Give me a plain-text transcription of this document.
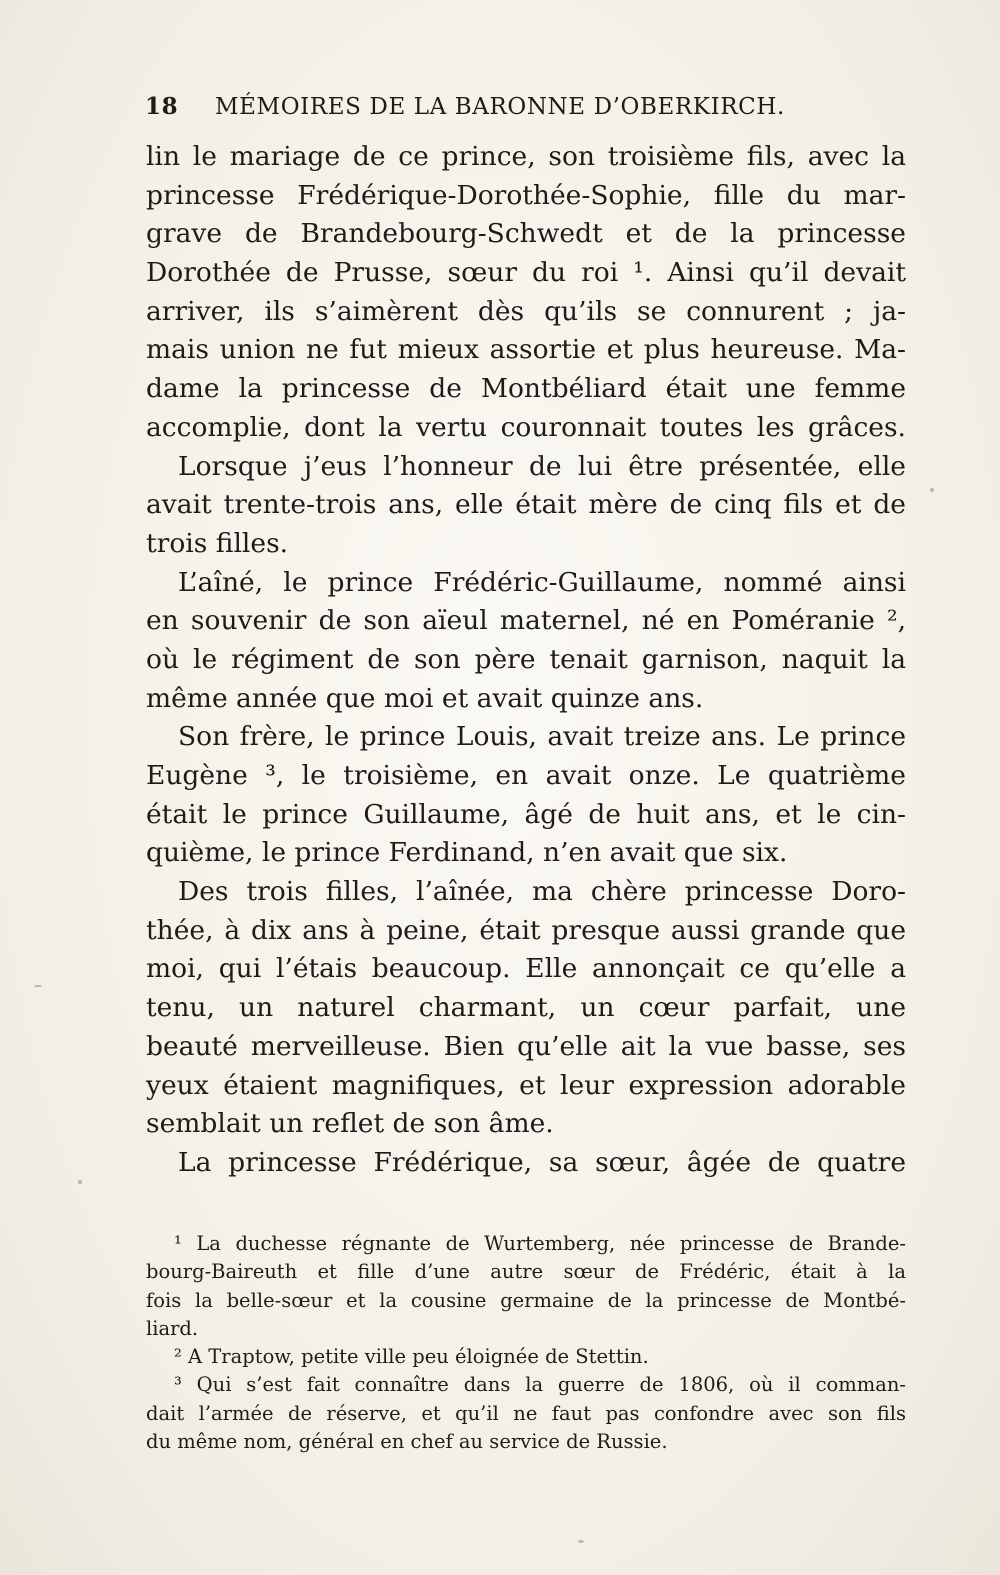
18 MÉMOIRES DE LA BARONNE D’OBERKIRCH.
lin le mariage de ce prince, son troisième fils, avec la
princesse Frédérique-Dorothée-Sophie, fille du mar-
grave de Brandebourg-Schwedt et de la princesse
Dorothée de Prusse, sœur du roi ¹. Ainsi qu’il devait
arriver, ils s’aimèrent dès qu’ils se connurent ; ja-
mais union ne fut mieux assortie et plus heureuse. Ma-
dame la princesse de Montbéliard était une femme
accomplie, dont la vertu couronnait toutes les grâces.
Lorsque j’eus l’honneur de lui être présentée, elle
avait trente-trois ans, elle était mère de cinq fils et de
trois filles.
L’aîné, le prince Frédéric-Guillaume, nommé ainsi
en souvenir de son aïeul maternel, né en Poméranie ²,
où le régiment de son père tenait garnison, naquit la
même année que moi et avait quinze ans.
Son frère, le prince Louis, avait treize ans. Le prince
Eugène ³, le troisième, en avait onze. Le quatrième
était le prince Guillaume, âgé de huit ans, et le cin-
quième, le prince Ferdinand, n’en avait que six.
Des trois filles, l’aînée, ma chère princesse Doro-
thée, à dix ans à peine, était presque aussi grande que
moi, qui l’étais beaucoup. Elle annonçait ce qu’elle a
tenu, un naturel charmant, un cœur parfait, une
beauté merveilleuse. Bien qu’elle ait la vue basse, ses
yeux étaient magnifiques, et leur expression adorable
semblait un reflet de son âme.
La princesse Frédérique, sa sœur, âgée de quatre
¹ La duchesse régnante de Wurtemberg, née princesse de Brande-
bourg-Baireuth et fille d’une autre sœur de Frédéric, était à la
fois la belle-sœur et la cousine germaine de la princesse de Montbé-
liard.
² A Traptow, petite ville peu éloignée de Stettin.
³ Qui s’est fait connaître dans la guerre de 1806, où il comman-
dait l’armée de réserve, et qu’il ne faut pas confondre avec son fils
du même nom, général en chef au service de Russie.
